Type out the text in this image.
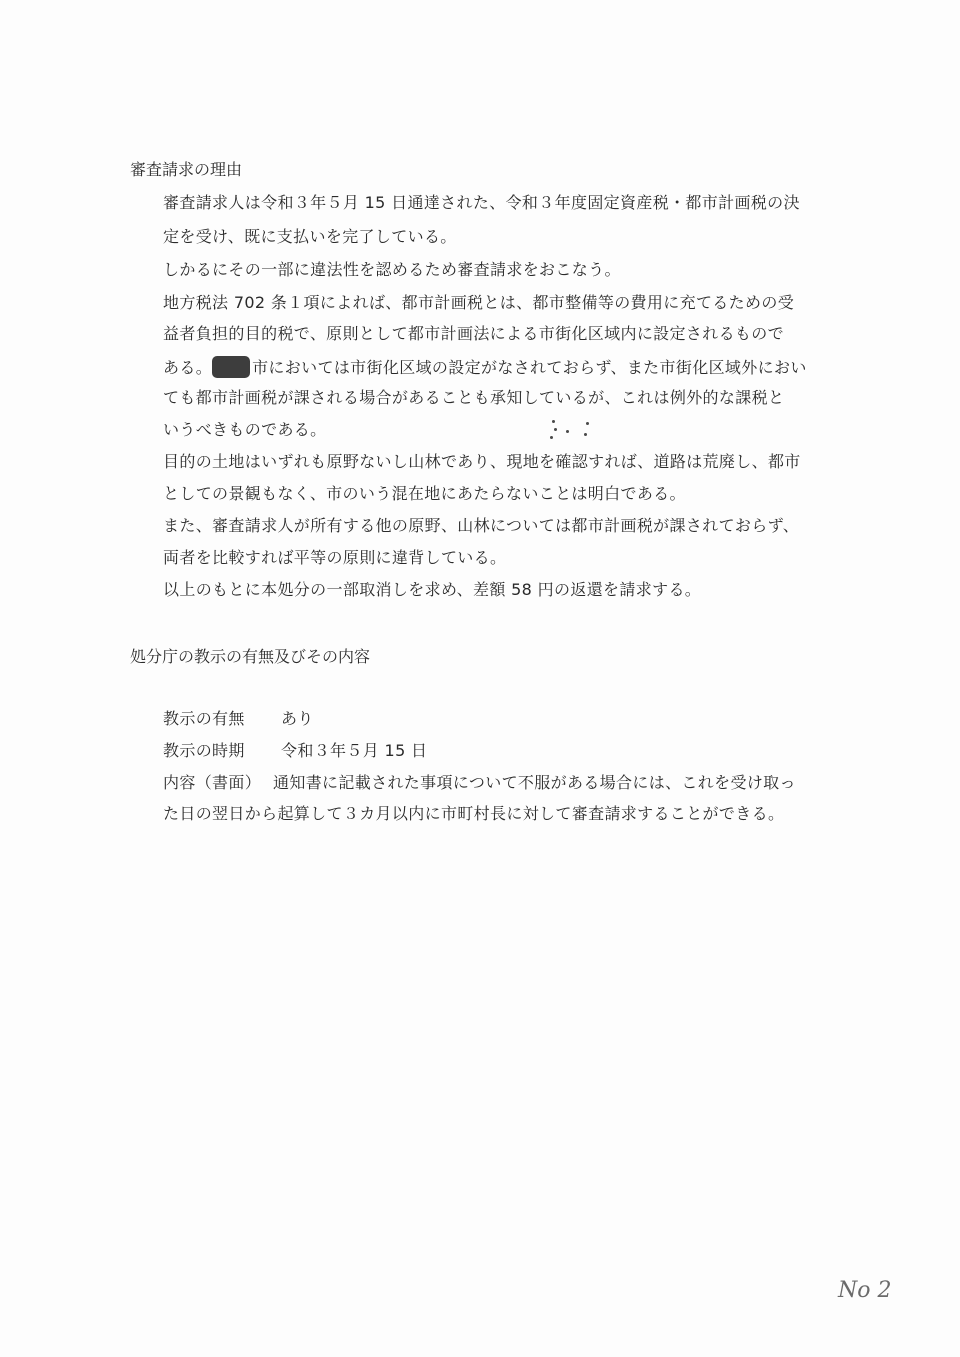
審査請求の理由
審査請求人は令和３年５月 15 日通達された、令和３年度固定資産税・都市計画税の決
定を受け、既に支払いを完了している。
しかるにその一部に違法性を認めるため審査請求をおこなう。
地方税法 702 条１項によれば、都市計画税とは、都市整備等の費用に充てるための受
益者負担的目的税で、原則として都市計画法による市街化区域内に設定されるもので
ある。	市においては市街化区域の設定がなされておらず、また市街化区域外におい
ても都市計画税が課される場合があることも承知しているが、これは例外的な課税と
いうべきものである。
目的の土地はいずれも原野ないし山林であり、現地を確認すれば、道路は荒廃し、都市
としての景観もなく、市のいう混在地にあたらないことは明白である。
また、審査請求人が所有する他の原野、山林については都市計画税が課されておらず、
両者を比較すれば平等の原則に違背している。
以上のもとに本処分の一部取消しを求め、差額 58 円の返還を請求する。
処分庁の教示の有無及びその内容
教示の有無 あり
教示の時期 令和３年５月 15 日
内容（書面） 通知書に記載された事項について不服がある場合には、これを受け取っ
た日の翌日から起算して３カ月以内に市町村長に対して審査請求することができる。
No 2
